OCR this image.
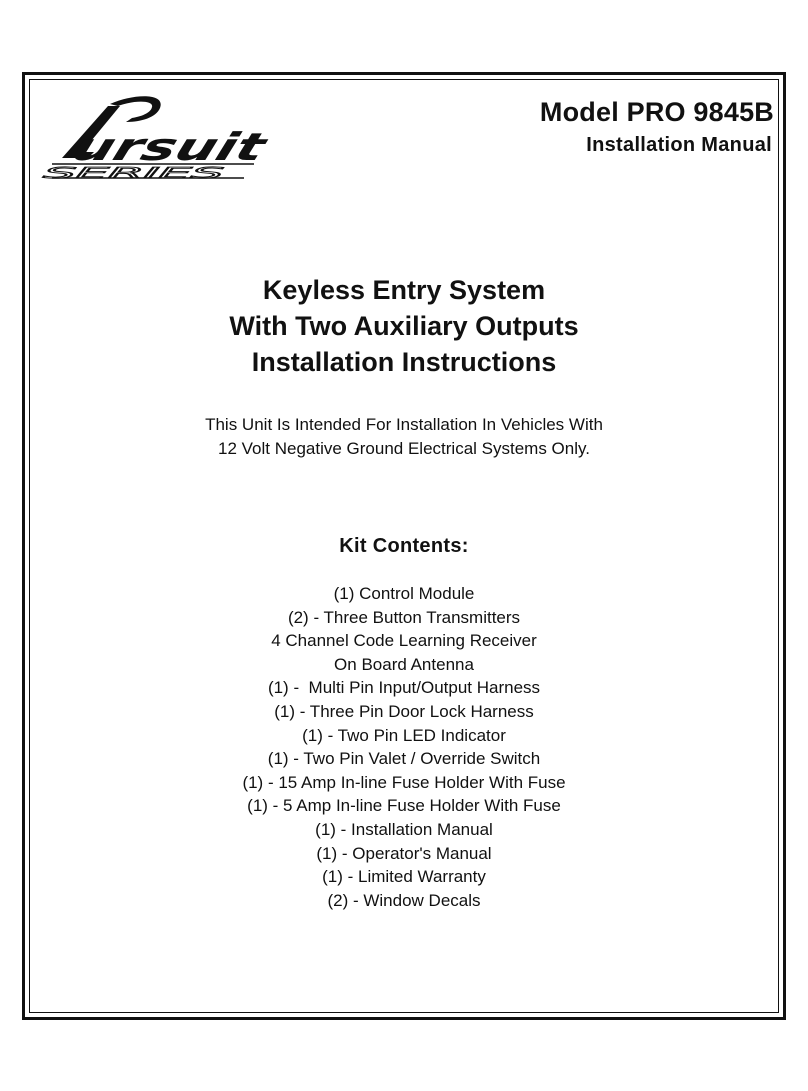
ursuit
SERIES
Model PRO 9845B
Installation Manual
Keyless Entry System
With Two Auxiliary Outputs
Installation Instructions
This Unit Is Intended For Installation In Vehicles With
12 Volt Negative Ground Electrical Systems Only.
Kit Contents:
(1) Control Module
(2) - Three Button Transmitters
4 Channel Code Learning Receiver
On Board Antenna
(1) -  Multi Pin Input/Output Harness
(1) - Three Pin Door Lock Harness
(1) - Two Pin LED Indicator
(1) - Two Pin Valet / Override Switch
(1) - 15 Amp In-line Fuse Holder With Fuse
(1) - 5 Amp In-line Fuse Holder With Fuse
(1) - Installation Manual
(1) - Operator's Manual
(1) - Limited Warranty
(2) - Window Decals
